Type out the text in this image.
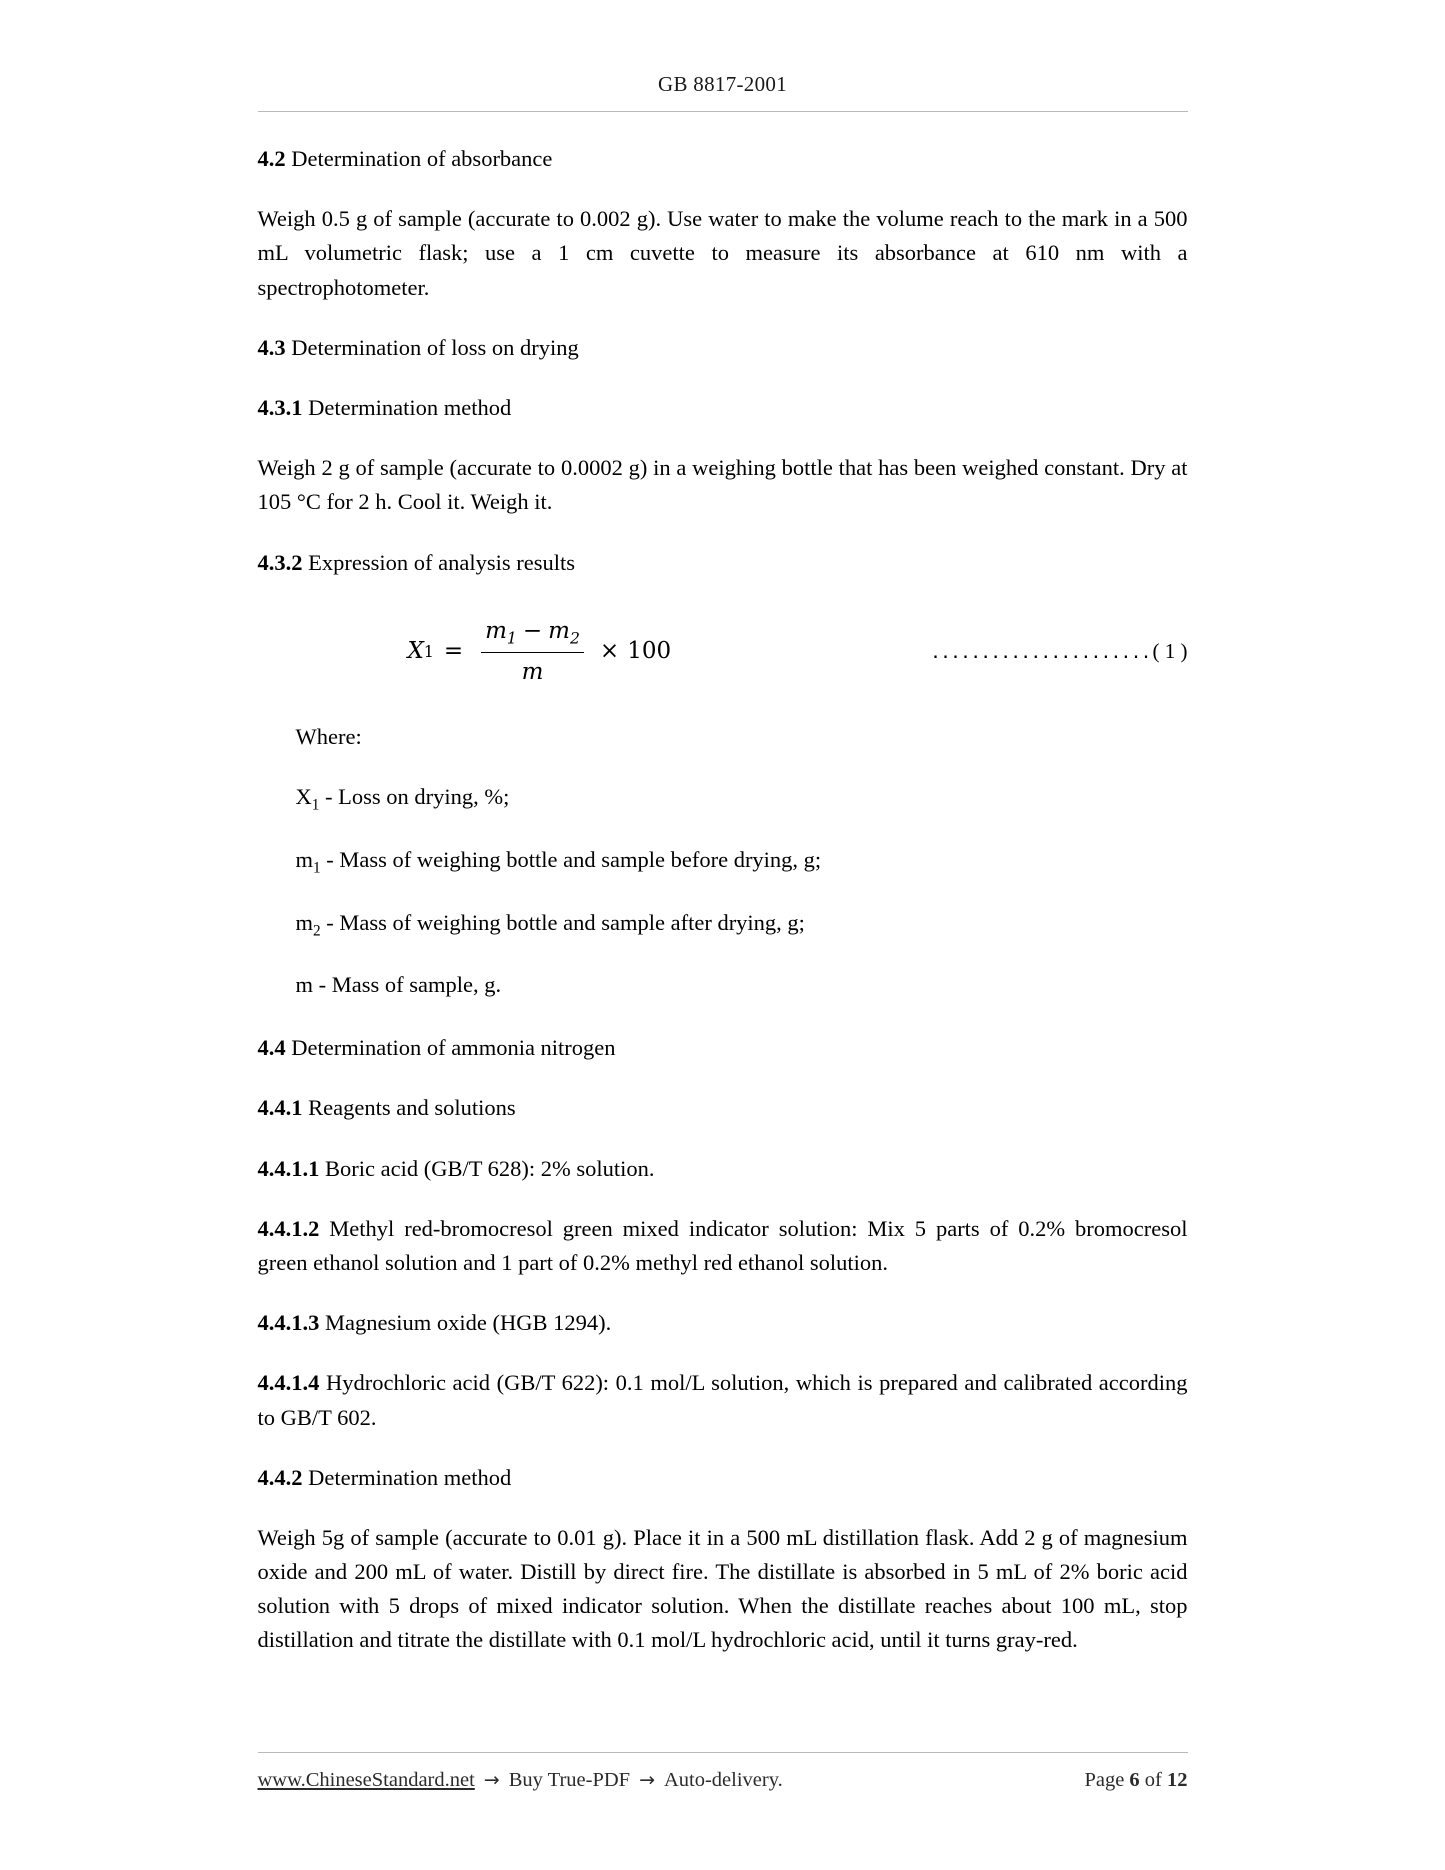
GB 8817-2001

4.2 Determination of absorbance

Weigh 0.5 g of sample (accurate to 0.002 g). Use water to make the volume reach to the mark in a 500 mL volumetric flask; use a 1 cm cuvette to measure its absorbance at 610 nm with a spectrophotometer.

4.3 Determination of loss on drying

4.3.1 Determination method

Weigh 2 g of sample (accurate to 0.0002 g) in a weighing bottle that has been weighed constant. Dry at 105 °C for 2 h. Cool it. Weigh it.

4.3.2 Expression of analysis results

X $1 = \frac{m_1 - m_2}{m} \times 100$	․․․․․․․․․․․․․․․․․․․․․․( 1 )

Where:

$X_1$ - Loss on drying, %;

$m_1$ - Mass of weighing bottle and sample before drying, g;

$m_2$ - Mass of weighing bottle and sample after drying, g;

m - Mass of sample, g.

4.4 Determination of ammonia nitrogen

4.4.1 Reagents and solutions

4.4.1.1 Boric acid (GB/T 628): 2% solution.

4.4.1.2 Methyl red-bromocresol green mixed indicator solution: Mix 5 parts of 0.2% bromocresol green ethanol solution and 1 part of 0.2% methyl red ethanol solution.

4.4.1.3 Magnesium oxide (HGB 1294).

4.4.1.4 Hydrochloric acid (GB/T 622): 0.1 mol/L solution, which is prepared and calibrated according to GB/T 602.

4.4.2 Determination method

Weigh 5g of sample (accurate to 0.01 g). Place it in a 500 mL distillation flask. Add 2 g of magnesium oxide and 200 mL of water. Distill by direct fire. The distillate is absorbed in 5 mL of 2% boric acid solution with 5 drops of mixed indicator solution. When the distillate reaches about 100 mL, stop distillation and titrate the distillate with 0.1 mol/L hydrochloric acid, until it turns gray-red.

www.ChineseStandard.net → Buy True-PDF → Auto-delivery.	Page 6 of 12
